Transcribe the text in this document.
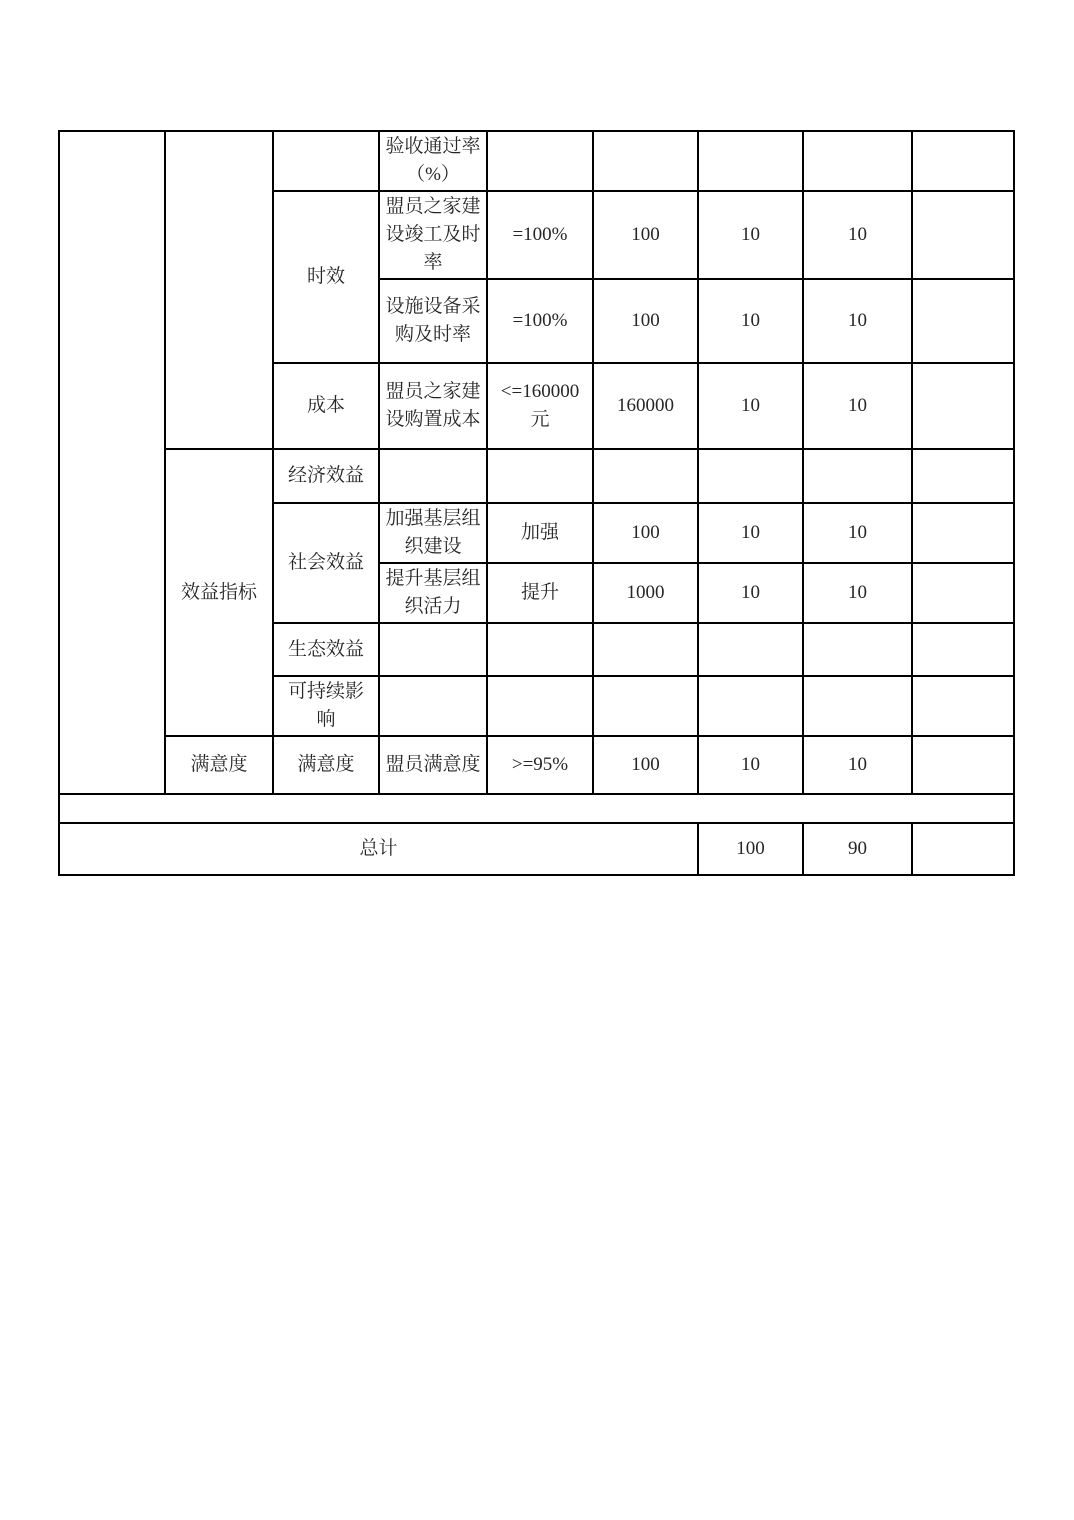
			验收通过率（%）					
		时效	盟员之家建设竣工及时率	=100%	100	10	10	
			设施设备采购及时率	=100%	100	10	10	
		成本	盟员之家建设购置成本	<=160000元	160000	10	10	
	效益指标	经济效益						
		社会效益	加强基层组织建设	加强	100	10	10	
			提升基层组织活力	提升	1000	10	10	
		生态效益						
		可持续影响						
	满意度	满意度	盟员满意度	>=95%	100	10	10	

总计						100	90	
